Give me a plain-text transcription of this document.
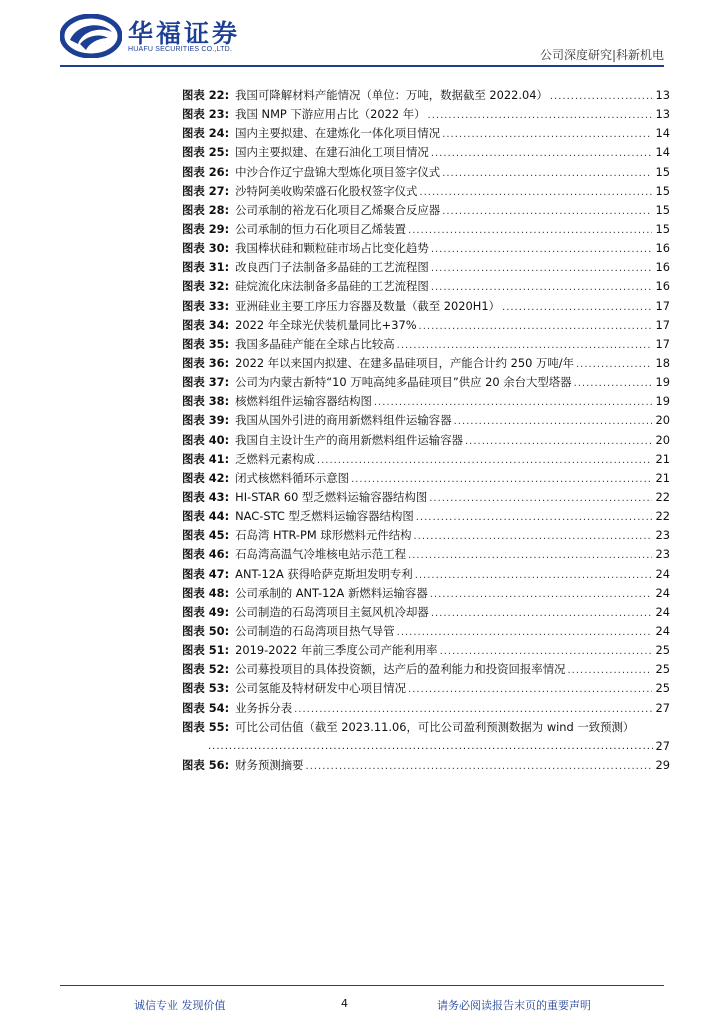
华福证券
HUAFU SECURITIES CO.,LTD.	公司深度研究|科新机电
图表 22: 我国可降解材料产能情况（单位：万吨，数据截至 2022.04） .....	13
图表 23: 我国 NMP 下游应用占比（2022 年） .....	13
图表 24: 国内主要拟建、在建炼化一体化项目情况 .....	14
图表 25: 国内主要拟建、在建石油化工项目情况 .....	14
图表 26: 中沙合作辽宁盘锦大型炼化项目签字仪式 .....	15
图表 27: 沙特阿美收购荣盛石化股权签字仪式 .....	15
图表 28: 公司承制的裕龙石化项目乙烯聚合反应器 .....	15
图表 29: 公司承制的恒力石化项目乙烯装置 .....	15
图表 30: 我国棒状硅和颗粒硅市场占比变化趋势 .....	16
图表 31: 改良西门子法制备多晶硅的工艺流程图 .....	16
图表 32: 硅烷流化床法制备多晶硅的工艺流程图 .....	16
图表 33: 亚洲硅业主要工序压力容器及数量（截至 2020H1） .....	17
图表 34: 2022 年全球光伏装机量同比+37% .....	17
图表 35: 我国多晶硅产能在全球占比较高 .....	17
图表 36: 2022 年以来国内拟建、在建多晶硅项目，产能合计约 250 万吨/年 .....	18
图表 37: 公司为内蒙古新特“10 万吨高纯多晶硅项目”供应 20 余台大型塔器 .....	19
图表 38: 核燃料组件运输容器结构图 .....	19
图表 39: 我国从国外引进的商用新燃料组件运输容器 .....	20
图表 40: 我国自主设计生产的商用新燃料组件运输容器 .....	20
图表 41: 乏燃料元素构成 .....	21
图表 42: 闭式核燃料循环示意图 .....	21
图表 43: HI-STAR 60 型乏燃料运输容器结构图 .....	22
图表 44: NAC-STC 型乏燃料运输容器结构图 .....	22
图表 45: 石岛湾 HTR-PM 球形燃料元件结构 .....	23
图表 46: 石岛湾高温气冷堆核电站示范工程 .....	23
图表 47: ANT-12A 获得哈萨克斯坦发明专利 .....	24
图表 48: 公司承制的 ANT-12A 新燃料运输容器 .....	24
图表 49: 公司制造的石岛湾项目主氦风机冷却器 .....	24
图表 50: 公司制造的石岛湾项目热气导管 .....	24
图表 51: 2019-2022 年前三季度公司产能利用率 .....	25
图表 52: 公司募投项目的具体投资额，达产后的盈利能力和投资回报率情况 .....	25
图表 53: 公司氢能及特材研发中心项目情况 .....	25
图表 54: 业务拆分表 .....	27
图表 55: 可比公司估值（截至 2023.11.06，可比公司盈利预测数据为 wind 一致预测）
.....
27
图表 56: 财务预测摘要 .....	29
诚信专业 发现价值	4	请务必阅读报告末页的重要声明
